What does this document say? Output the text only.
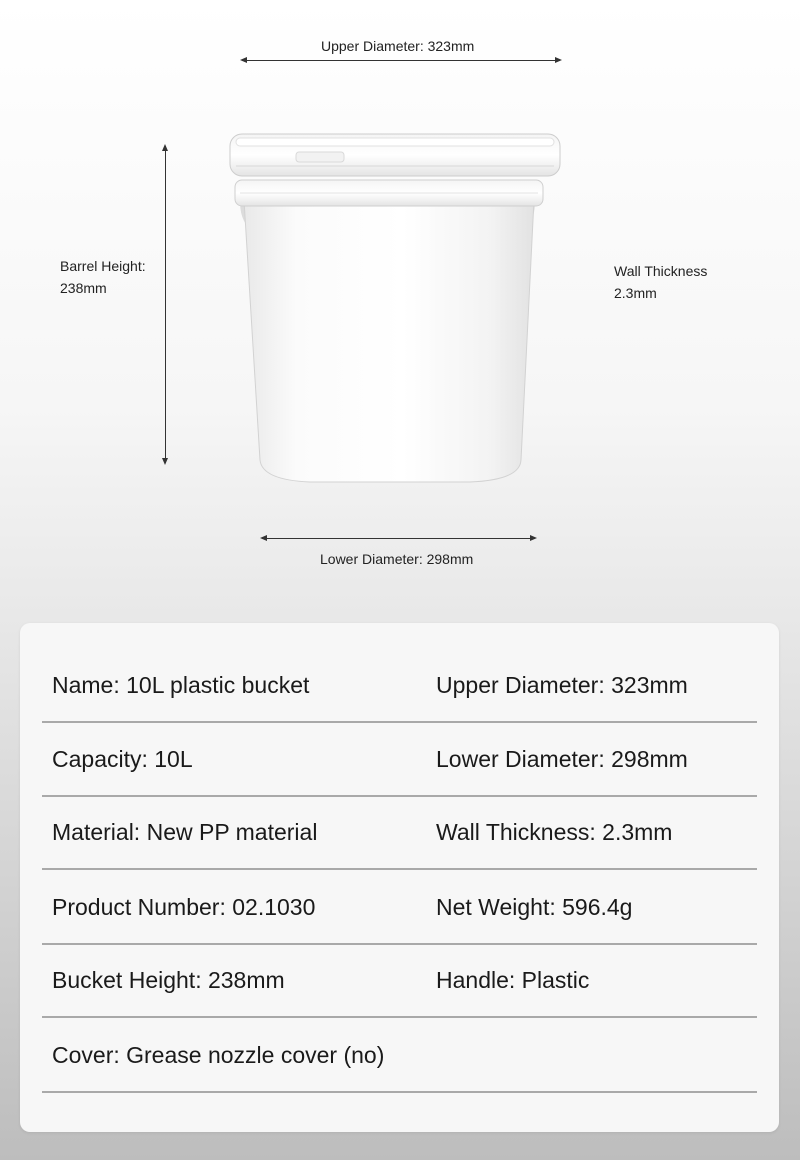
Upper Diameter: 323mm
Barrel Height:
238mm
Wall Thickness
2.3mm
Lower Diameter: 298mm
Name: 10L plastic bucket	Upper Diameter: 323mm
Capacity: 10L	Lower Diameter: 298mm
Material: New PP material	Wall Thickness: 2.3mm
Product Number: 02.1030	Net Weight: 596.4g
Bucket Height: 238mm	Handle: Plastic
Cover: Grease nozzle cover (no)
